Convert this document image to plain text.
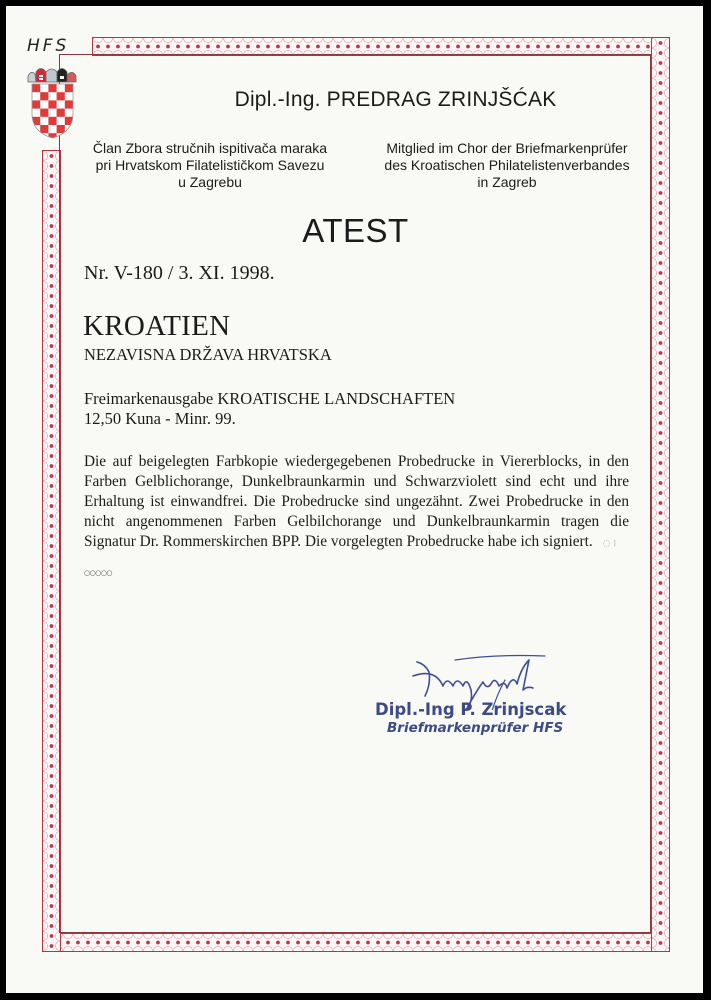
HFS
Dipl.-Ing. PREDRAG ZRINJŠĆAK
Član Zbora stručnih ispitivača maraka
pri Hrvatskom Filatelističkom Savezu
u Zagrebu
Mitglied im Chor der Briefmarkenprüfer
des Kroatischen Philatelistenverbandes
in Zagreb
ATEST
Nr. V-180 / 3. XI. 1998.
KROATIEN
NEZAVISNA DRŽAVA HRVATSKA
Freimarkenausgabe KROATISCHE LANDSCHAFTEN
12,50 Kuna - Minr. 99.

Die auf beigelegten Farbkopie wiedergegebenen Probedrucke in Viererblocks, in den Farben Gelblichorange, Dunkelbraunkarmin und Schwarzviolett sind echt und ihre Erhaltung ist einwandfrei. Die Probedrucke sind ungezähnt. Zwei Probedrucke in den nicht angenommenen Farben Gelbilchorange und Dunkelbraunkarmin tragen die Signatur Dr. Rommerskirchen BPP. Die vorgelegten Probedrucke habe ich signiert. ◌ ⁞

○○○○○
Dipl.-Ing P. Zrinjscak
Briefmarkenprüfer HFS
